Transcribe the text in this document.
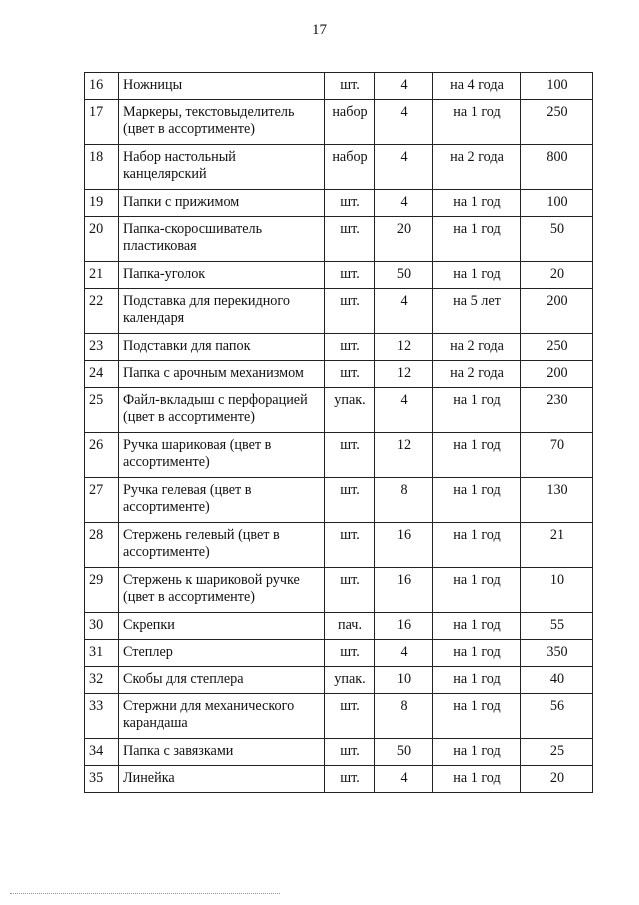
17
16	Ножницы	шт.	4	на 4 года	100
17	Маркеры, текстовыделитель (цвет в ассортименте)	набор	4	на 1 год	250
18	Набор настольный канцелярский	набор	4	на 2 года	800
19	Папки с прижимом	шт.	4	на 1 год	100
20	Папка-скоросшиватель пластиковая	шт.	20	на 1 год	50
21	Папка-уголок	шт.	50	на 1 год	20
22	Подставка для перекидного календаря	шт.	4	на 5 лет	200
23	Подставки для папок	шт.	12	на 2 года	250
24	Папка с арочным механизмом	шт.	12	на 2 года	200
25	Файл-вкладыш с перфорацией (цвет в ассортименте)	упак.	4	на 1 год	230
26	Ручка шариковая (цвет в ассортименте)	шт.	12	на 1 год	70
27	Ручка гелевая (цвет в ассортименте)	шт.	8	на 1 год	130
28	Стержень гелевый (цвет в ассортименте)	шт.	16	на 1 год	21
29	Стержень к шариковой ручке (цвет в ассортименте)	шт.	16	на 1 год	10
30	Скрепки	пач.	16	на 1 год	55
31	Степлер	шт.	4	на 1 год	350
32	Скобы для степлера	упак.	10	на 1 год	40
33	Стержни для механического карандаша	шт.	8	на 1 год	56
34	Папка с завязками	шт.	50	на 1 год	25
35	Линейка	шт.	4	на 1 год	20
